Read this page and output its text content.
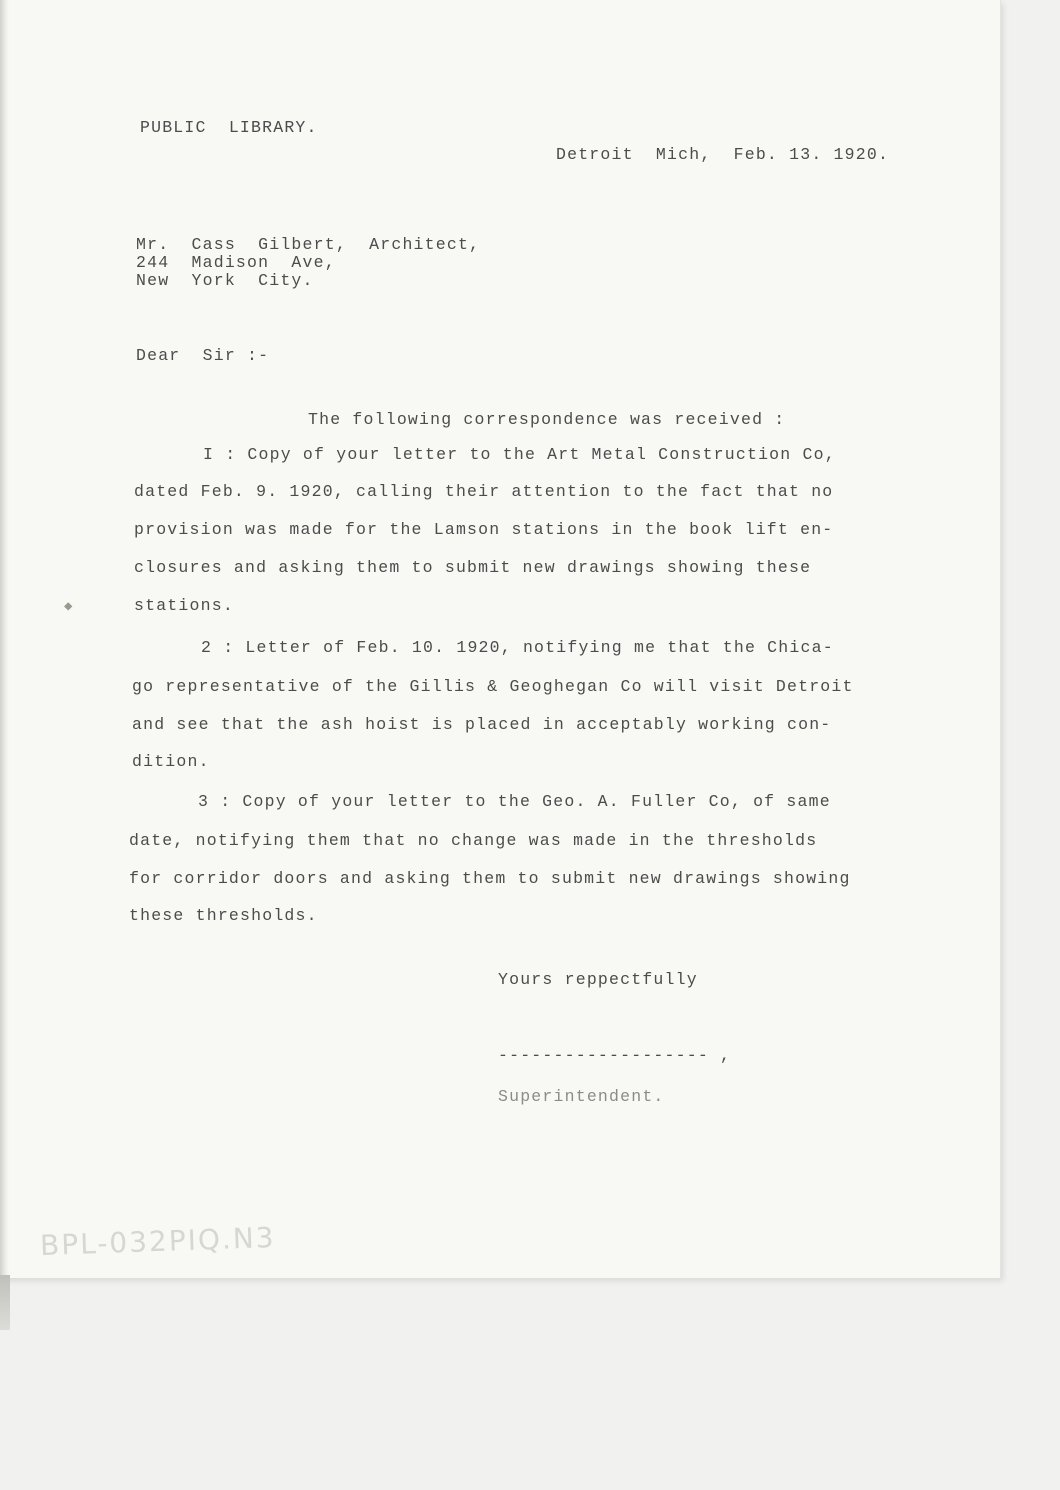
PUBLIC  LIBRARY.
Detroit  Mich,  Feb. 13. 1920.
Mr.  Cass  Gilbert,  Architect,
244  Madison  Ave,
New  York  City.
Dear  Sir :-
The following correspondence was received :
I : Copy of your letter to the Art Metal Construction Co,
dated Feb. 9. 1920, calling their attention to the fact that no
provision was made for the Lamson stations in the book lift en-
closures and asking them to submit new drawings showing these
stations.
2 : Letter of Feb. 10. 1920, notifying me that the Chica-
go representative of the Gillis & Geoghegan Co will visit Detroit
and see that the ash hoist is placed in acceptably working con-
dition.
3 : Copy of your letter to the Geo. A. Fuller Co, of same
date, notifying them that no change was made in the thresholds
for corridor doors and asking them to submit new drawings showing
these thresholds.
Yours reppectfully
------------------- ,
Superintendent.
◆
BPL-032PIQ.N3
